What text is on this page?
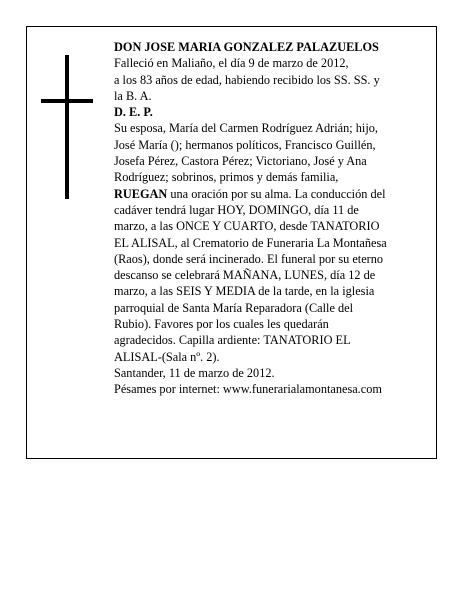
DON JOSE MARIA GONZALEZ PALAZUELOS
Falleció en Maliaño, el día 9 de marzo de 2012,
a los 83 años de edad, habiendo recibido los SS. SS. y
la B. A.
D. E. P.
Su esposa, María del Carmen Rodríguez Adrián; hijo,
José María (); hermanos políticos, Francisco Guillén,
Josefa Pérez, Castora Pérez; Victoriano, José y Ana
Rodríguez; sobrinos, primos y demás familia,
RUEGAN una oración por su alma. La conducción del
cadáver tendrá lugar HOY, DOMINGO, día 11 de
marzo, a las ONCE Y CUARTO, desde TANATORIO
EL ALISAL, al Crematorio de Funeraria La Montañesa
(Raos), donde será incinerado. El funeral por su eterno
descanso se celebrará MAÑANA, LUNES, día 12 de
marzo, a las SEIS Y MEDIA de la tarde, en la iglesia
parroquial de Santa María Reparadora (Calle del
Rubio). Favores por los cuales les quedarán
agradecidos. Capilla ardiente: TANATORIO EL
ALISAL-(Sala nº. 2).
Santander, 11 de marzo de 2012.
Pésames por internet: www.funerarialamontanesa.com
